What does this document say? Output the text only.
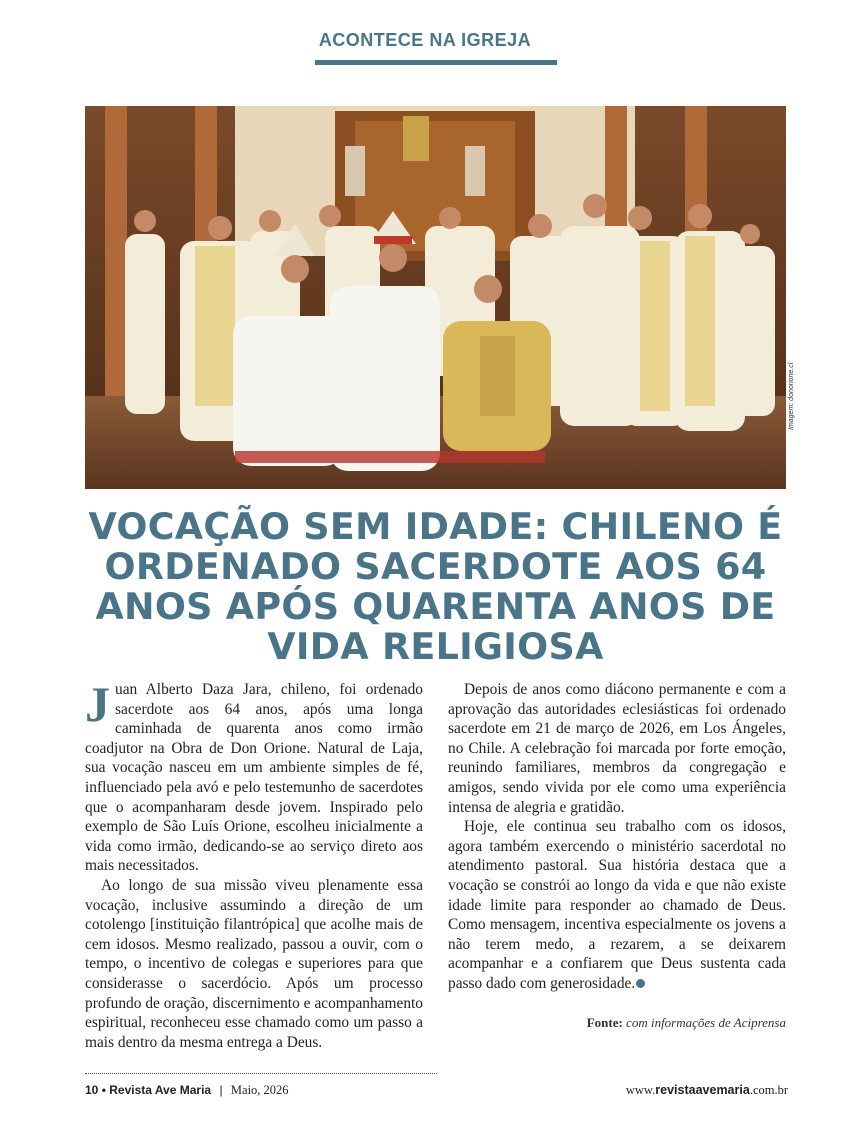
ACONTECE NA IGREJA
Imagem: donorione.cl
VOCAÇÃO SEM IDADE: CHILENO É ORDENADO SACERDOTE AOS 64 ANOS APÓS QUARENTA ANOS DE VIDA RELIGIOSA

Juan Alberto Daza Jara, chileno, foi ordenado sacerdote aos 64 anos, após uma longa caminhada de quarenta anos como irmão coadjutor na Obra de Don Orione. Natural de Laja, sua vocação nasceu em um ambiente simples de fé, influenciado pela avó e pelo testemunho de sacerdotes que o acompanharam desde jovem. Inspirado pelo exemplo de São Luís Orione, escolheu inicialmente a vida como irmão, dedicando-se ao serviço direto aos mais necessitados.

Ao longo de sua missão viveu plenamente essa vocação, inclusive assumindo a direção de um cotolengo [instituição filantrópica] que acolhe mais de cem idosos. Mesmo realizado, passou a ouvir, com o tempo, o incentivo de colegas e superiores para que considerasse o sacerdócio. Após um processo profundo de oração, discernimento e acompanhamento espiritual, reconheceu esse chamado como um passo a mais dentro da mesma entrega a Deus.

Depois de anos como diácono permanente e com a aprovação das autoridades eclesiásticas foi ordenado sacerdote em 21 de março de 2026, em Los Ángeles, no Chile. A celebração foi marcada por forte emoção, reunindo familiares, membros da congregação e amigos, sendo vivida por ele como uma experiência intensa de alegria e gratidão.

Hoje, ele continua seu trabalho com os idosos, agora também exercendo o ministério sacerdotal no atendimento pastoral. Sua história destaca que a vocação se constrói ao longo da vida e que não existe idade limite para responder ao chamado de Deus. Como mensagem, incentiva especialmente os jovens a não terem medo, a rezarem, a se deixarem acompanhar e a confiarem que Deus sustenta cada passo dado com generosidade.

Fonte: com informações de Aciprensa
10 • Revista Ave Maria | Maio, 2026	www.revistaavemaria.com.br
